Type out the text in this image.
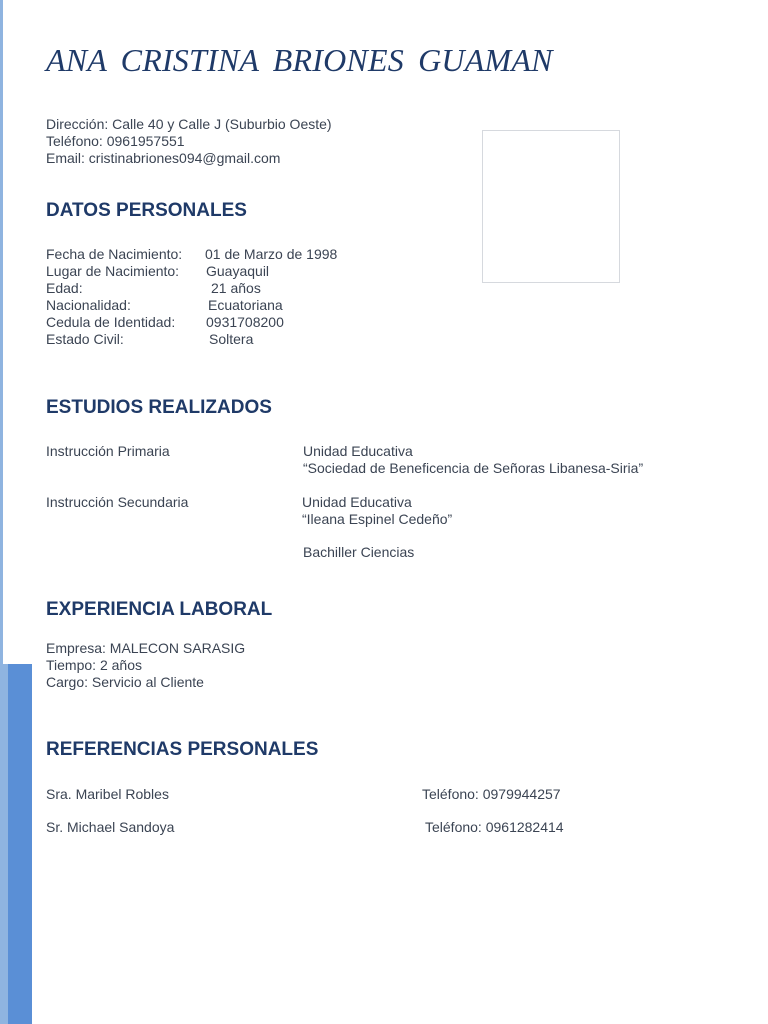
ANA CRISTINA BRIONES GUAMAN
Dirección: Calle 40 y Calle J (Suburbio Oeste)
Teléfono: 0961957551
Email: cristinabriones094@gmail.com
DATOS PERSONALES
Fecha de Nacimiento: 01 de Marzo de 1998
Lugar de Nacimiento: Guayaquil
Edad:	21 años
Nacionalidad:	Ecuatoriana
Cedula de Identidad: 0931708200
Estado Civil:	Soltera
ESTUDIOS REALIZADOS
Instrucción Primaria	Unidad Educativa
“Sociedad de Beneficencia de Señoras Libanesa-Siria”
Instrucción Secundaria	Unidad Educativa
“Ileana Espinel Cedeño”
Bachiller Ciencias
EXPERIENCIA LABORAL
Empresa: MALECON SARASIG
Tiempo: 2 años
Cargo: Servicio al Cliente
REFERENCIAS PERSONALES
Sra. Maribel Robles	Teléfono: 0979944257
Sr. Michael Sandoya	Teléfono: 0961282414
